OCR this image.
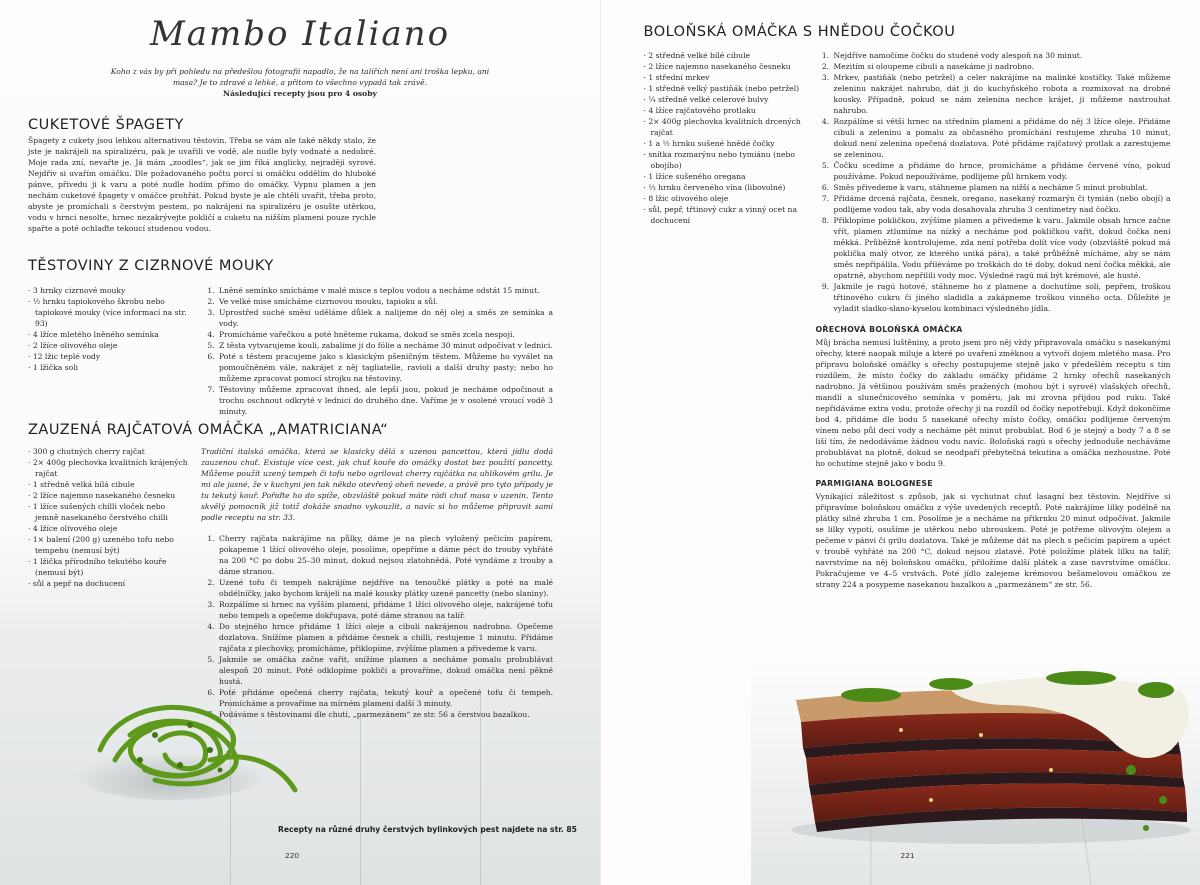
Mambo Italiano
Koho z vás by při pohledu na předešlou fotografii napadlo, že na talířích není ani troška lepku, ani masa? Je to zdravé a lehké, a přitom to všechno vypadá tak zrávě.
Následující recepty jsou pro 4 osoby
CUKETOVÉ ŠPAGETY

Špagety z cukety jsou lehkou alternativou těstovin. Třeba se vám ale také někdy stalo, že jste je nakrájeli na spiralizéru, pak je uvařili ve vodě, ale nudle byly vodnaté a nedobré. Moje rada zní, nevařte je. Já mám „zoodles“, jak se jim říká anglicky, nejraději syrové. Nejdřív si uvařím omáčku. Dle požadovaného počtu porcí si omáčku oddělím do hluboké pánve, přivedu ji k varu a poté nudle hodím přímo do omáčky. Vypnu plamen a jen nechám cuketové špagety v omáčce prohřát. Pokud byste je ale chtěli uvařit, třeba proto, abyste je promíchali s čerstvým pestem, po nakrájení na spiralizéru je osušte utěrkou, vodu v hrnci nesolte, hrnec nezakrývejte pokličí a cuketu na nižším plameni pouze rychle spařte a poté ochlaďte tekoucí studenou vodou.

TĚSTOVINY Z CIZRNOVÉ MOUKY
· 3 hrnky cizrnové mouky
· ½ hrnku tapiokového škrobu nebo tapiokové mouky (více informací na str. 93)
· 4 lžíce mletého lněného semínka
· 2 lžíce olivového oleje
· 12 lžic teplé vody
· 1 lžička soli
1. Lněné semínko smícháme v malé misce s teplou vodou a necháme odstát 15 minut.
2. Ve velké mise smícháme cizrnovou mouku, tapioku a sůl.
3. Uprostřed suché směsi uděláme důlek a nalijeme do něj olej a směs ze semínka a vody.
4. Promícháme vařečkou a poté hněteme rukama, dokud se směs zcela nespojí.
5. Z těsta vytvarujeme kouli, zabalíme ji do fólie a necháme 30 minut odpočívat v lednici.
6. Poté s těstem pracujeme jako s klasickým pšeničným těstem. Můžeme ho vyválet na pomoučněném vále, nakrájet z něj tagliatelle, ravioli a další druhy pasty; nebo ho můžeme zpracovat pomocí strojku na těstoviny.
7. Těstoviny můžeme zpracovat ihned, ale lepší jsou, pokud je necháme odpočinout a trochu oschnout odkryté v lednici do druhého dne. Vaříme je v osolené vroucí vodě 3 minuty.
ZAUZENÁ RAJČATOVÁ OMÁČKA „AMATRICIANA“
· 300 g chutných cherry rajčat
· 2× 400g plechovka kvalitních krájených rajčat
· 1 středně velká bílá cibule
· 2 lžíce najemno nasekaného česneku
· 1 lžíce sušených chilli vloček nebo jemně nasekaného čerstvého chilli
· 4 lžíce olivového oleje
· 1× balení (200 g) uzeného tofu nebo tempehu (nemusí být)
· 1 lžička přírodního tekutého kouře (nemusí být)
· sůl a pepř na dochucení

Tradiční italská omáčka, která se klasicky dělá s uzenou pancettou, která jídlu dodá zauzenou chuť. Existuje více cest, jak chuť kouře do omáčky dostat bez použití pancetty. Můžeme použít uzený tempeh či tofu nebo ogrilovat cherry rajčátka na uhlíkovém grilu. Je mi ale jasné, že v kuchyni jen tak někdo otevřený oheň nevede, a právě pro tyto případy je tu tekutý kouř. Pořiďte ho do spíže, obzvláště pokud máte rádi chuť masa v uzenin. Tento skvělý pomocník již totiž dokáže snadno vykouzlit, a navíc si ho můžeme připravit sami podle receptu na str. 33.

1. Cherry rajčata nakrájíme na půlky, dáme je na plech vyložený pečicím papírem, pokapeme 1 lžící olivového oleje, posolíme, opepříme a dáme péct do trouby vyhřáté na 200 °C po dobu 25–30 minut, dokud nejsou zlatohnědá. Poté vyndáme z trouby a dáme stranou.
2. Uzené tofu či tempeh nakrájíme nejdříve na tenoučké plátky a poté na malé obdélníčky, jako bychom krájeli na malé kousky plátky uzené pancetty (nebo slaniny).
3. Rozpálíme si hrnec na vyšším plameni, přidáme 1 lžíci olivového oleje, nakrájené tofu nebo tempeh a opečeme dokřupava, poté dáme stranou na talíř.
4. Do stejného hrnce přidáme 1 lžíci oleje a cibuli nakrájenou nadrobno. Opečeme dozlatova. Snížíme plamen a přidáme česnek a chilli, restujeme 1 minutu. Přidáme rajčata z plechovky, promícháme, přiklopíme, zvýšíme plamen a přivedeme k varu.
5. Jakmile se omáčka začne vařit, snížíme plamen a necháme pomalu probublávat alespoň 20 minut. Poté odklopíme pokličí a provaříme, dokud omáčka není pěkně hustá.
6. Poté přidáme opečená cherry rajčata, tekutý kouř a opečené tofu či tempeh. Promícháme a provaříme na mírném plameni další 3 minuty.
7. Podáváme s těstovinami dle chuti, „parmezánem“ ze str. 56 a čerstvou bazalkou.
Recepty na různé druhy čerstvých bylinkových pest najdete na str. 85
220
BOLOŇSKÁ OMÁČKA S HNĚDOU ČOČKOU
· 2 středně velké bílé cibule
· 2 lžíce najemno nasekaného česneku
· 1 střední mrkev
· 1 středně velký pastiňák (nebo petržel)
· ¼ středně velké celerové bulvy
· 4 lžíce rajčatového protlaku
· 2× 400g plechovka kvalitních drcených rajčat
· 1 a ½ hrnku sušené hnědé čočky
· snítka rozmarýnu nebo tymiánu (nebo obojího)
· 1 lžíce sušeného oregana
· ⅔ hrnku červeného vína (libovolné)
· 8 lžic olivového oleje
· sůl, pepř, třtinový cukr a vinný ocet na dochucení
1. Nejdříve namočíme čočku do studené vody alespoň na 30 minut.
2. Mezitím si oloupeme cibuli a nasekáme ji nadrobno.
3. Mrkev, pastiňák (nebo petržel) a celer nakrájíme na malinké kostičky. Také můžeme zeleninu nakrájet nahrubo, dát ji do kuchyňského robota a rozmixovat na drobné kousky. Případně, pokud se nám zelenina nechce krájet, ji můžeme nastrouhat nahrubo.
4. Rozpálíme si větší hrnec na středním plameni a přidáme do něj 3 lžíce oleje. Přidáme cibuli a zeleninu a pomalu za občasného promíchání restujeme zhruba 10 minut, dokud není zelenina opečená dozlatova. Poté přidáme rajčatový protlak a zarestujeme se zeleninou.
5. Čočku scedíme a přidáme do hrnce, promícháme a přidáme červené víno, pokud používáme. Pokud nepoužíváme, podlijeme půl hrnkem vody.
6. Směs přivedeme k varu, stáhneme plamen na nižší a necháme 5 minut probublat.
7. Přidáme drcená rajčata, česnek, oregano, nasekaný rozmarýn či tymián (nebo obojí) a podlijeme vodou tak, aby voda dosahovala zhruba 3 centimetry nad čočku.
8. Přiklopíme pokličkou, zvýšíme plamen a přivedeme k varu. Jakmile obsah hrnce začne vřít, plamen ztlumíme na nízký a necháme pod pokličkou vařit, dokud čočka není měkká. Průběžně kontrolujeme, zda není potřeba dolít více vody (obzvláště pokud má poklička malý otvor, ze kterého uniká pára), a také průběžně mícháme, aby se nám směs nepřipálila. Vodu přiléváme po troškách do té doby, dokud není čočka měkká, ale opatrně, abychom nepřilili vody moc. Výsledné ragú má být krémové, ale husté.
9. Jakmile je ragú hotové, stáhneme ho z plamene a dochutíme solí, pepřem, troškou třtinového cukru či jiného sladidla a zakápneme troškou vinného octa. Důležité je vyladit sladko-slano-kyselou kombinaci výsledného jídla.
OŘECHOVÁ BOLOŇSKÁ OMÁČKA

Můj brácha nemusí luštěniny, a proto jsem pro něj vždy připravovala omáčku s nasekanými ořechy, které naopak miluje a které po uvaření změknou a vytvoří dojem mletého masa. Pro přípravu boloňské omáčky s ořechy postupujeme stejně jako v předešlém receptu s tím rozdílem, že místo čočky do základu omáčky přidáme 2 hrnky ořechů nasekaných nadrobno. Já většinou používám směs pražených (mohou být i syrové) vlašských ořechů, mandlí a slunečnicového semínka v poměru, jak mi zrovna přijdou pod ruku. Také nepřidáváme extra vodu, protože ořechy ji na rozdíl od čočky nepotřebují. Když dokončíme bod 4, přidáme dle bodu 5 nasekané ořechy místo čočky, omáčku podlijeme červeným vínem nebo půl decí vody a necháme pět minut probublat. Bod 6 je stejný a body 7 a 8 se liší tím, že nedodáváme žádnou vodu navíc. Boloňská ragú s ořechy jednoduše necháváme probublávat na plotně, dokud se neodpaří přebytečná tekutina a omáčka nezhoustne. Poté ho ochutíme stejně jako v bodu 9.

PARMIGIANA BOLOGNESE

Vynikající záležitost s způsob, jak si vychutnat chuť lasagní bez těstovin. Nejdříve si připravíme boloňskou omáčku z výše uvedených receptů. Poté nakrájíme lilky podélně na plátky silné zhruba 1 cm. Posolíme je a necháme na přikrnku 20 minut odpočívat. Jakmile se lilky vypotí, osušíme je utěrkou nebo ubrouskem. Poté je potřeme olivovým olejem a pečeme v pánvi či grilu dozlatova. Také je můžeme dát na plech s pečicím papírem a upéct v troubě vyhřáté na 200 °C, dokud nejsou zlatavé. Poté položíme plátek lilku na talíř, navrstvíme na něj boloňskou omáčku, přiložíme další plátek a zase navrstvíme omáčku. Pokračujeme ve 4–5 vrstvách. Poté jídlo zalejeme krémovou bešamelovou omáčkou ze strany 224 a posypeme nasekanou bazalkou a „parmezánem“ ze str. 56.

221
